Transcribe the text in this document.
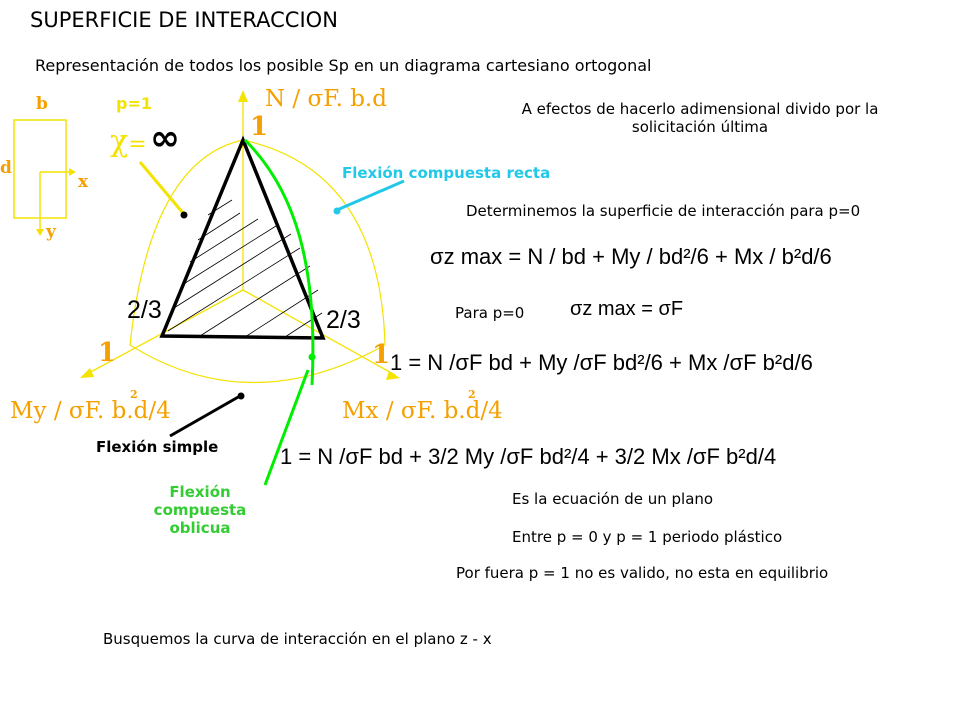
SUPERFICIE DE INTERACCION
Representación de todos los posible Sp en un diagrama cartesiano ortogonal
b
d
x
y
p=1
χ= ∞
N / σF. b.d
My / σF. b.d/4
2
Mx / σF. b.d/4
2
1
1	1
2/3	2/3
Flexión compuesta recta
Flexión simple
Flexión
compuesta
oblicua
A efectos de hacerlo adimensional divido por la
solicitación última
Determinemos la superficie de interacción para p=0
σz max = N / bd + My / bd²/6 + Mx / b²d/6
Para p=0 σz max = σF
1 = N /σF bd + My /σF bd²/6 + Mx /σF b²d/6
1 = N /σF bd + 3/2 My /σF bd²/4 + 3/2 Mx /σF b²d/4
Es la ecuación de un plano
Entre p = 0 y p = 1 periodo plástico
Por fuera p = 1 no es valido, no esta en equilibrio
Busquemos la curva de interacción en el plano z - x
